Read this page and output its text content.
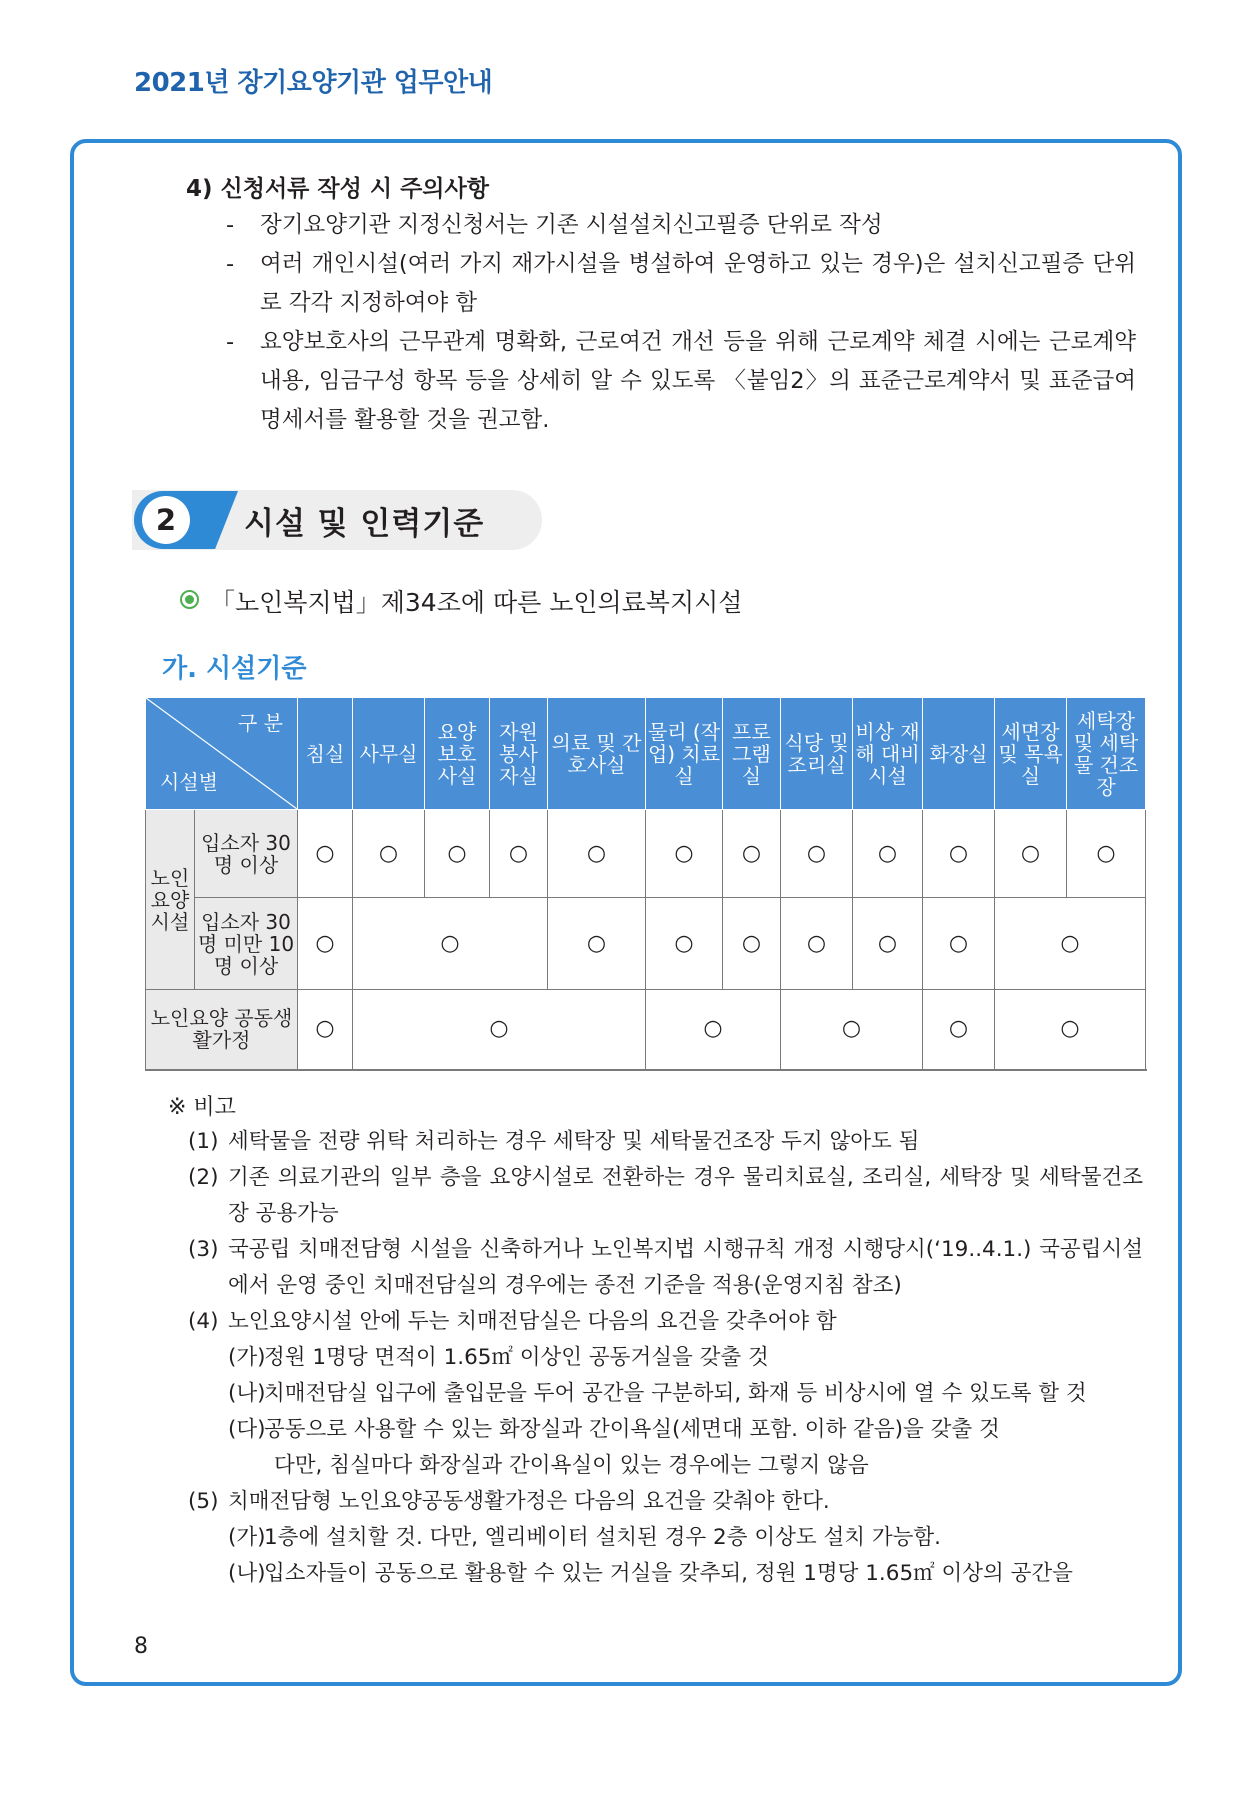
2021년 장기요양기관 업무안내
4) 신청서류 작성 시 주의사항
- 장기요양기관 지정신청서는 기존 시설설치신고필증 단위로 작성
- 여러 개인시설(여러 가지 재가시설을 병설하여 운영하고 있는 경우)은 설치신고필증 단위로 각각 지정하여야 함
- 요양보호사의 근무관계 명확화, 근로여건 개선 등을 위해 근로계약 체결 시에는 근로계약 내용, 임금구성 항목 등을 상세히 알 수 있도록 〈붙임2〉의 표준근로계약서 및 표준급여명세서를 활용할 것을 권고함.
2	시설 및 인력기준
「노인복지법」제34조에 따른 노인의료복지시설
가. 시설기준
구 분
시설별		침실	사무실	요양 보호 사실	자원 봉사 자실	의료 및 간호사실	물리 (작업) 치료실	프로 그램 실	식당 및 조리실	비상 재해 대비 시설	화장실	세면장 및 목욕실	세탁장 및 세탁물 건조장
노인 요양 시설	입소자 30명 이상	○	○	○	○	○	○	○	○	○	○	○	○
	입소자 30명 미만 10명 이상	○	○			○	○	○	○	○	○	○	
노인요양 공동생활가정		○	○				○		○		○	○	
※ 비고
(1) 세탁물을 전량 위탁 처리하는 경우 세탁장 및 세탁물건조장 두지 않아도 됨
(2) 기존 의료기관의 일부 층을 요양시설로 전환하는 경우 물리치료실, 조리실, 세탁장 및 세탁물건조장 공용가능
(3) 국공립 치매전담형 시설을 신축하거나 노인복지법 시행규칙 개정 시행당시(‘19..4.1.) 국공립시설에서 운영 중인 치매전담실의 경우에는 종전 기준을 적용(운영지침 참조)
(4) 노인요양시설 안에 두는 치매전담실은 다음의 요건을 갖추어야 함
(가)
정원 1명당 면적이 1.65㎡ 이상인 공동거실을 갖출 것
(나)
치매전담실 입구에 출입문을 두어 공간을 구분하되, 화재 등 비상시에 열 수 있도록 할 것
(다)
공동으로 사용할 수 있는 화장실과 간이욕실(세면대 포함. 이하 같음)을 갖출 것
다만, 침실마다 화장실과 간이욕실이 있는 경우에는 그렇지 않음
(5) 치매전담형 노인요양공동생활가정은 다음의 요건을 갖춰야 한다.
(가)
1층에 설치할 것. 다만, 엘리베이터 설치된 경우 2층 이상도 설치 가능함.
(나)
입소자들이 공동으로 활용할 수 있는 거실을 갖추되, 정원 1명당 1.65㎡ 이상의 공간을
8
